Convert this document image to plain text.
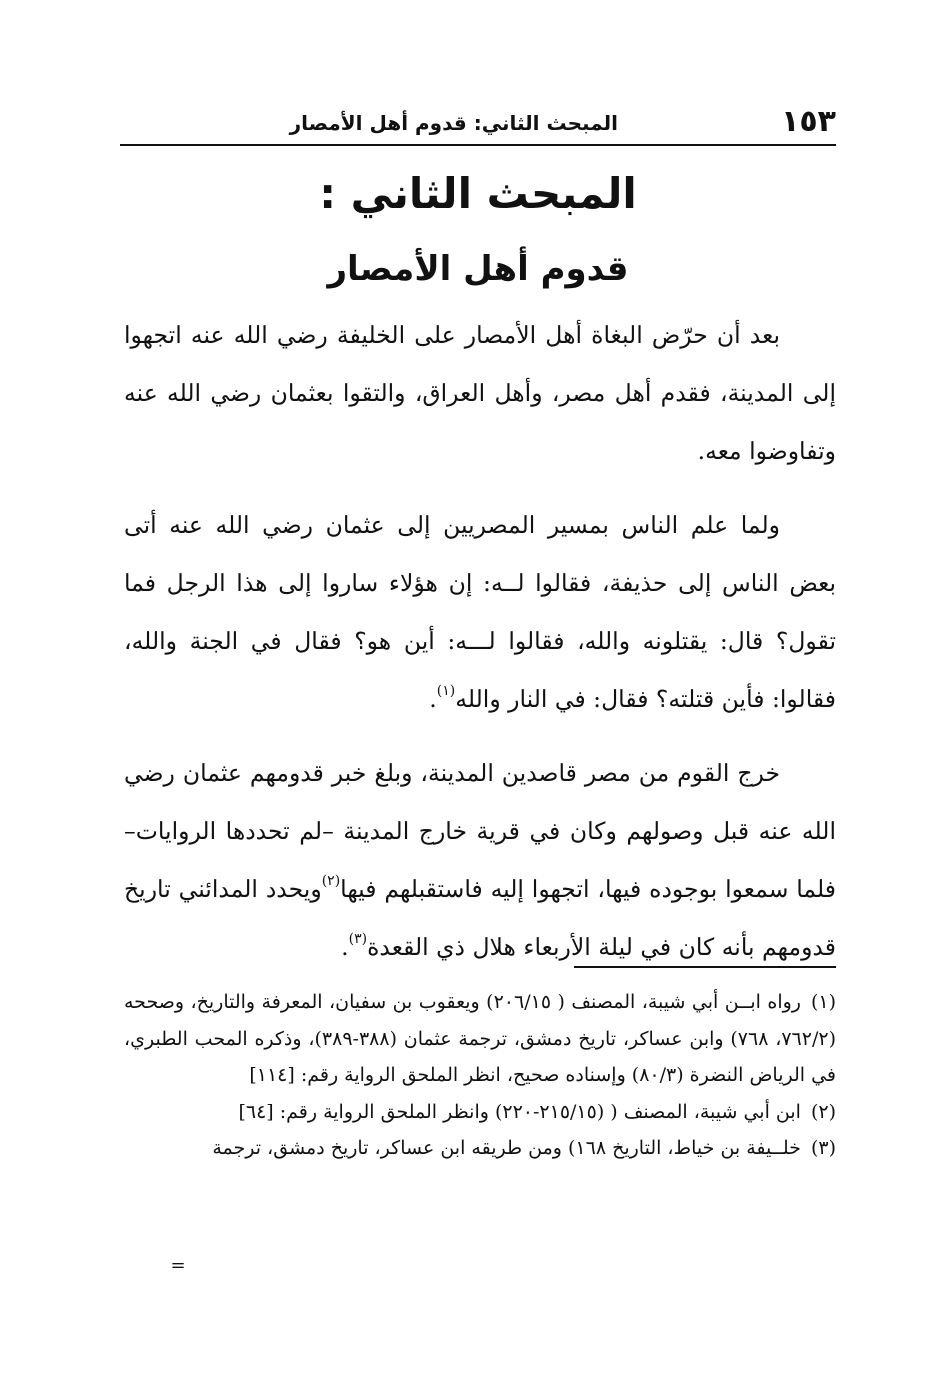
١٥٣
المبحث الثاني: قدوم أهل الأمصار
المبحث الثاني :
قدوم أهل الأمصار

بعد أن حرّض البغاة أهل الأمصار على الخليفة رضي الله عنه اتجهوا إلى المدينة، فقدم أهل مصر، وأهل العراق، والتقوا بعثمان رضي الله عنه وتفاوضوا معه.

ولما علم الناس بمسير المصريين إلى عثمان رضي الله عنه أتى بعض الناس إلى حذيفة، فقالوا لــه: إن هؤلاء ساروا إلى هذا الرجل فما تقول؟ قال: يقتلونه والله، فقالوا لـــه: أين هو؟ فقال في الجنة والله، فقالوا: فأين قتلته؟ فقال: في النار والله$^{(١)}$.

خرج القوم من مصر قاصدين المدينة، وبلغ خبر قدومهم عثمان رضي الله عنه قبل وصولهم وكان في قرية خارج المدينة –لم تحددها الروايات– فلما سمعوا بوجوده فيها، اتجهوا إليه فاستقبلهم فيها$^{(٢)}$ويحدد المدائني تاريخ قدومهم بأنه كان في ليلة الأربعاء هلال ذي القعدة$^{(٣)}$.

(١)رواه ابــن أبي شيبة، المصنف ( ٢٠٦/١٥) ويعقوب بن سفيان، المعرفة والتاريخ، وصححه (٧٦٢/٢، ٧٦٨) وابن عساكر، تاريخ دمشق، ترجمة عثمان (٣٨٨-٣٨٩)، وذكره المحب الطبري، في الرياض النضرة (٨٠/٣) وإسناده صحيح، انظر الملحق الرواية رقم: [١١٤]

(٢)ابن أبي شيبة، المصنف ( (٢١٥/١٥-٢٢٠) وانظر الملحق الرواية رقم: [٦٤]

(٣)خلــيفة بن خياط، التاريخ ١٦٨) ومن طريقه ابن عساكر، تاريخ دمشق، ترجمة

=
